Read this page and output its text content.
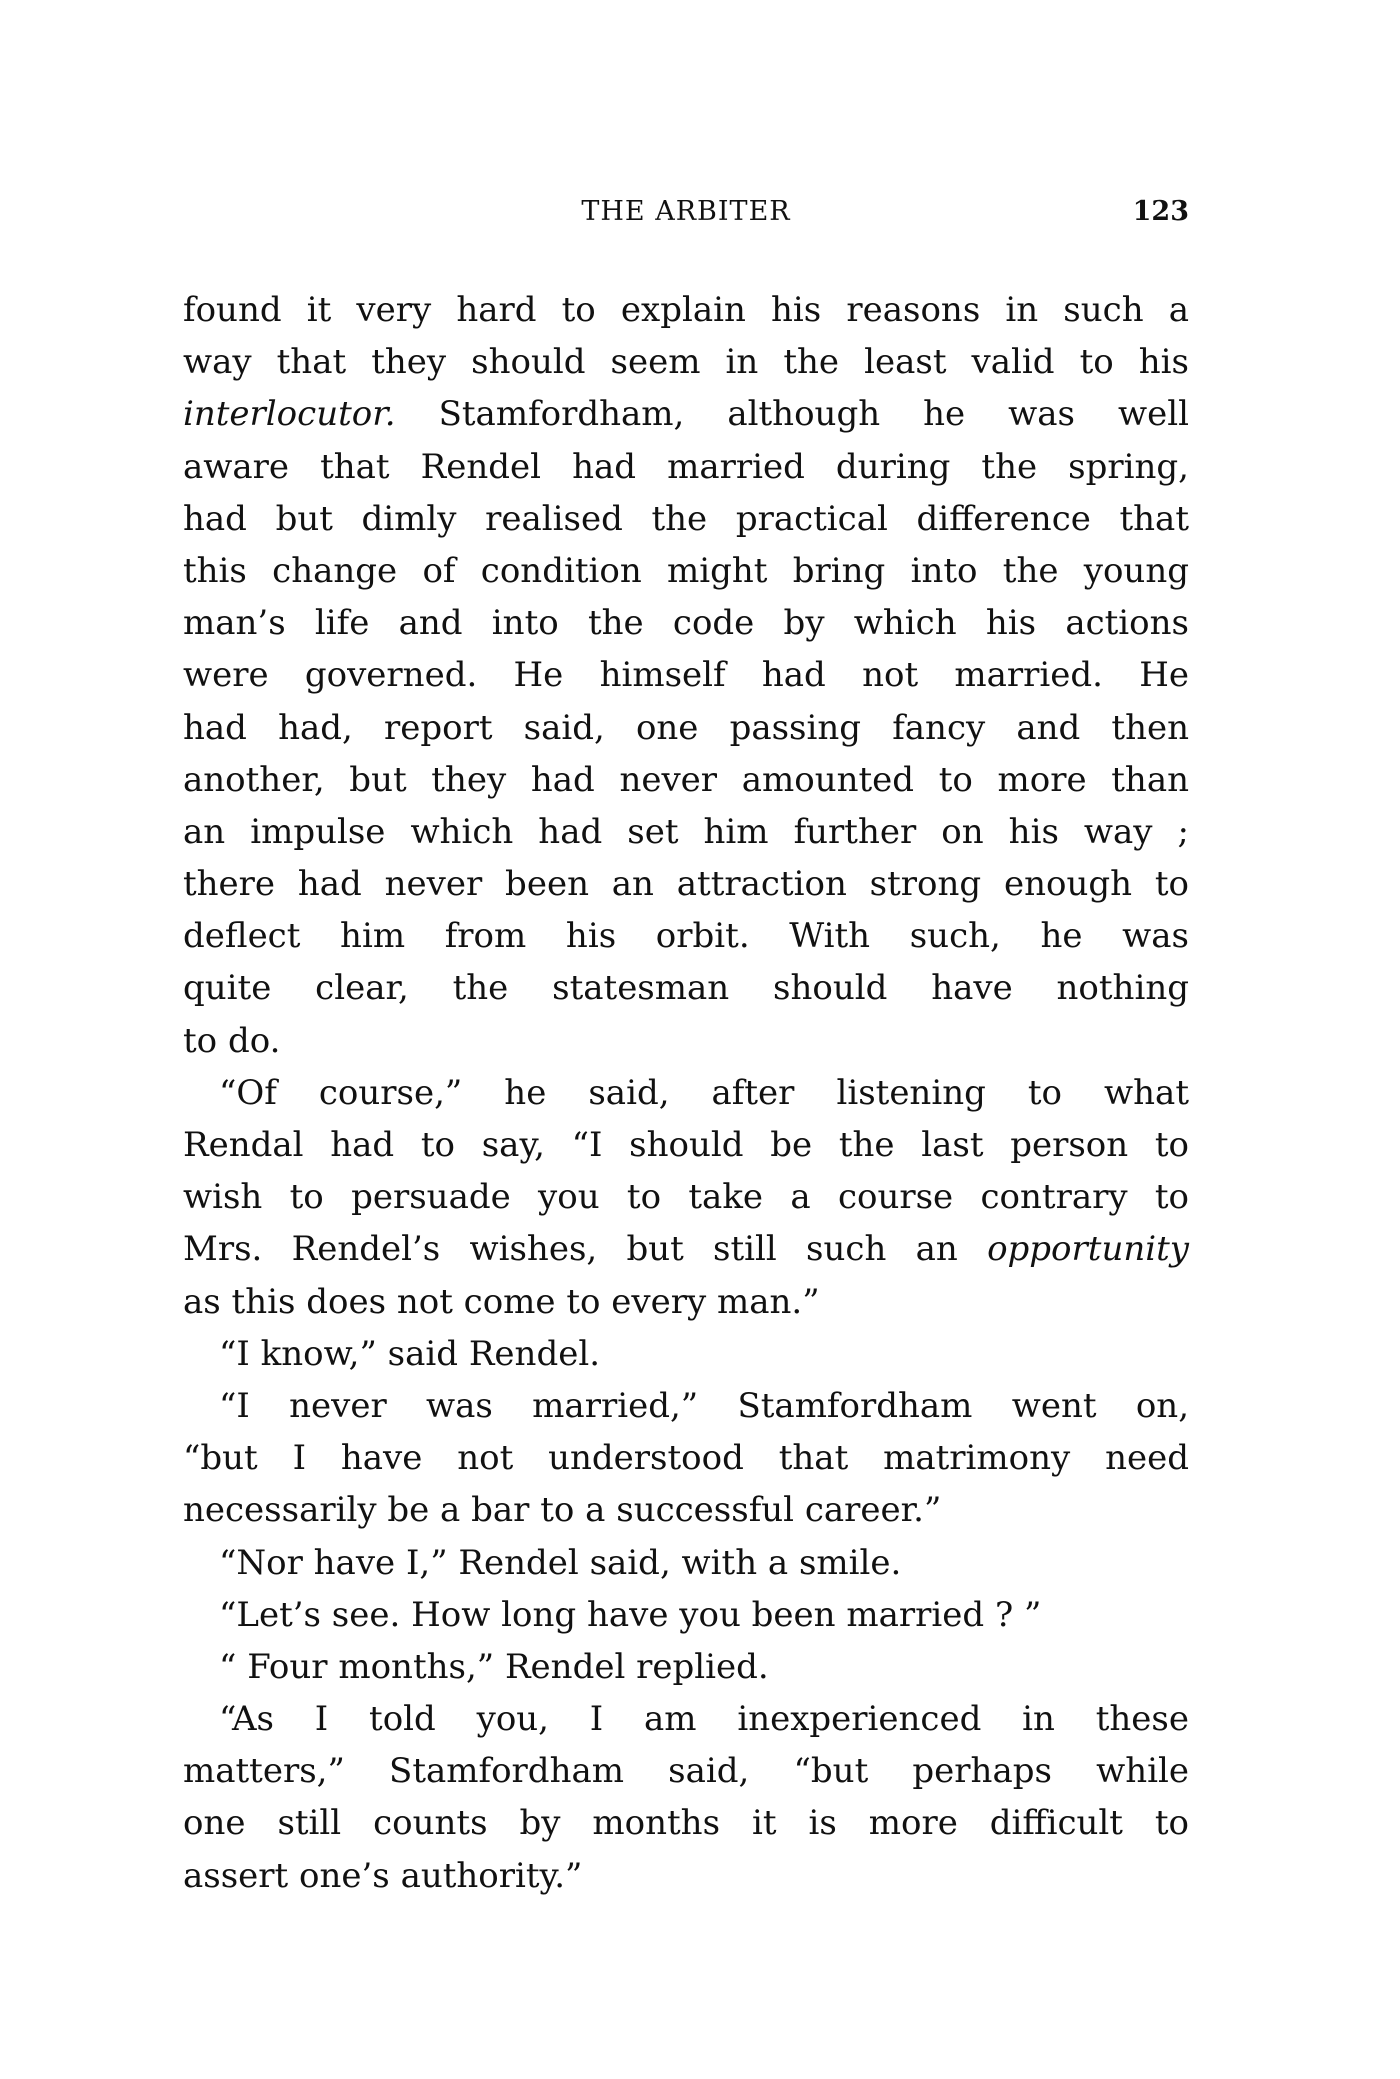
THE ARBITER	123
found it very hard to explain his reasons in such a
way that they should seem in the least valid to his
interlocutor. Stamfordham, although he was well
aware that Rendel had married during the spring,
had but dimly realised the practical difference that
this change of condition might bring into the young
man’s life and into the code by which his actions
were governed. He himself had not married. He
had had, report said, one passing fancy and then
another, but they had never amounted to more than
an impulse which had set him further on his way ;
there had never been an attraction strong enough to
deflect him from his orbit. With such, he was
quite clear, the statesman should have nothing
to do.
“Of course,” he said, after listening to what
Rendal had to say, “I should be the last person to
wish to persuade you to take a course contrary to
Mrs. Rendel’s wishes, but still such an opportunity
as this does not come to every man.”
“I know,” said Rendel.
“I never was married,” Stamfordham went on,
“but I have not understood that matrimony need
necessarily be a bar to a successful career.”
“Nor have I,” Rendel said, with a smile.
“Let’s see. How long have you been married ? ”
“ Four months,” Rendel replied.
“As I told you, I am inexperienced in these
matters,” Stamfordham said, “but perhaps while
one still counts by months it is more difficult to
assert one’s authority.”
